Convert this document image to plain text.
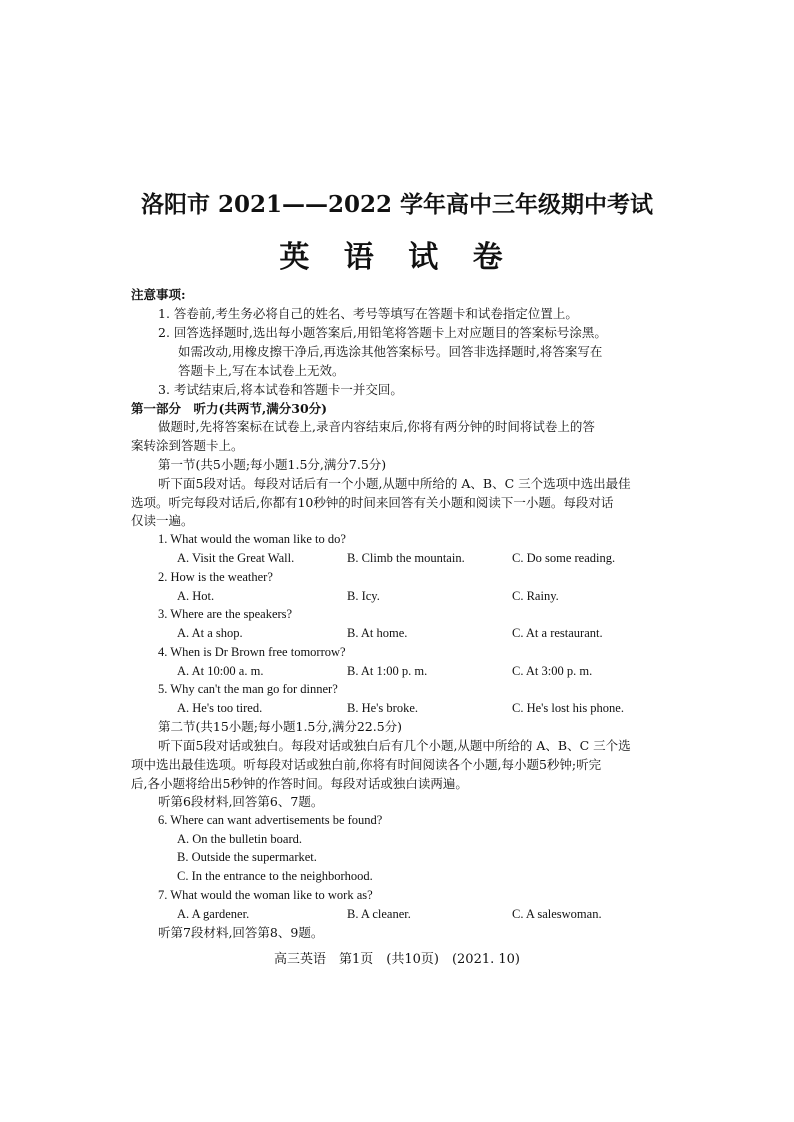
洛阳市 2021——2022 学年高中三年级期中考试
英 语 试 卷
注意事项:
1. 答卷前,考生务必将自己的姓名、考号等填写在答题卡和试卷指定位置上。
2. 回答选择题时,选出每小题答案后,用铅笔将答题卡上对应题目的答案标号涂黑。
如需改动,用橡皮擦干净后,再选涂其他答案标号。回答非选择题时,将答案写在
答题卡上,写在本试卷上无效。
3. 考试结束后,将本试卷和答题卡一并交回。
第一部分　听力(共两节,满分30分)
做题时,先将答案标在试卷上,录音内容结束后,你将有两分钟的时间将试卷上的答
案转涂到答题卡上。
第一节(共5小题;每小题1.5分,满分7.5分)
听下面5段对话。每段对话后有一个小题,从题中所给的 A、B、C 三个选项中选出最佳
选项。听完每段对话后,你都有10秒钟的时间来回答有关小题和阅读下一小题。每段对话
仅读一遍。
1. What would the woman like to do?
A. Visit the Great Wall.	B. Climb the mountain.	C. Do some reading.
2. How is the weather?
A. Hot.	B. Icy.	C. Rainy.
3. Where are the speakers?
A. At a shop.	B. At home.	C. At a restaurant.
4. When is Dr Brown free tomorrow?
A. At 10:00 a. m.	B. At 1:00 p. m.	C. At 3:00 p. m.
5. Why can't the man go for dinner?
A. He's too tired.	B. He's broke.	C. He's lost his phone.
第二节(共15小题;每小题1.5分,满分22.5分)
听下面5段对话或独白。每段对话或独白后有几个小题,从题中所给的 A、B、C 三个选
项中选出最佳选项。听每段对话或独白前,你将有时间阅读各个小题,每小题5秒钟;听完
后,各小题将给出5秒钟的作答时间。每段对话或独白读两遍。
听第6段材料,回答第6、7题。
6. Where can want advertisements be found?
A. On the bulletin board.
B. Outside the supermarket.
C. In the entrance to the neighborhood.
7. What would the woman like to work as?
A. A gardener.	B. A cleaner.	C. A saleswoman.
听第7段材料,回答第8、9题。
高三英语　第1页　(共10页)　(2021. 10)
